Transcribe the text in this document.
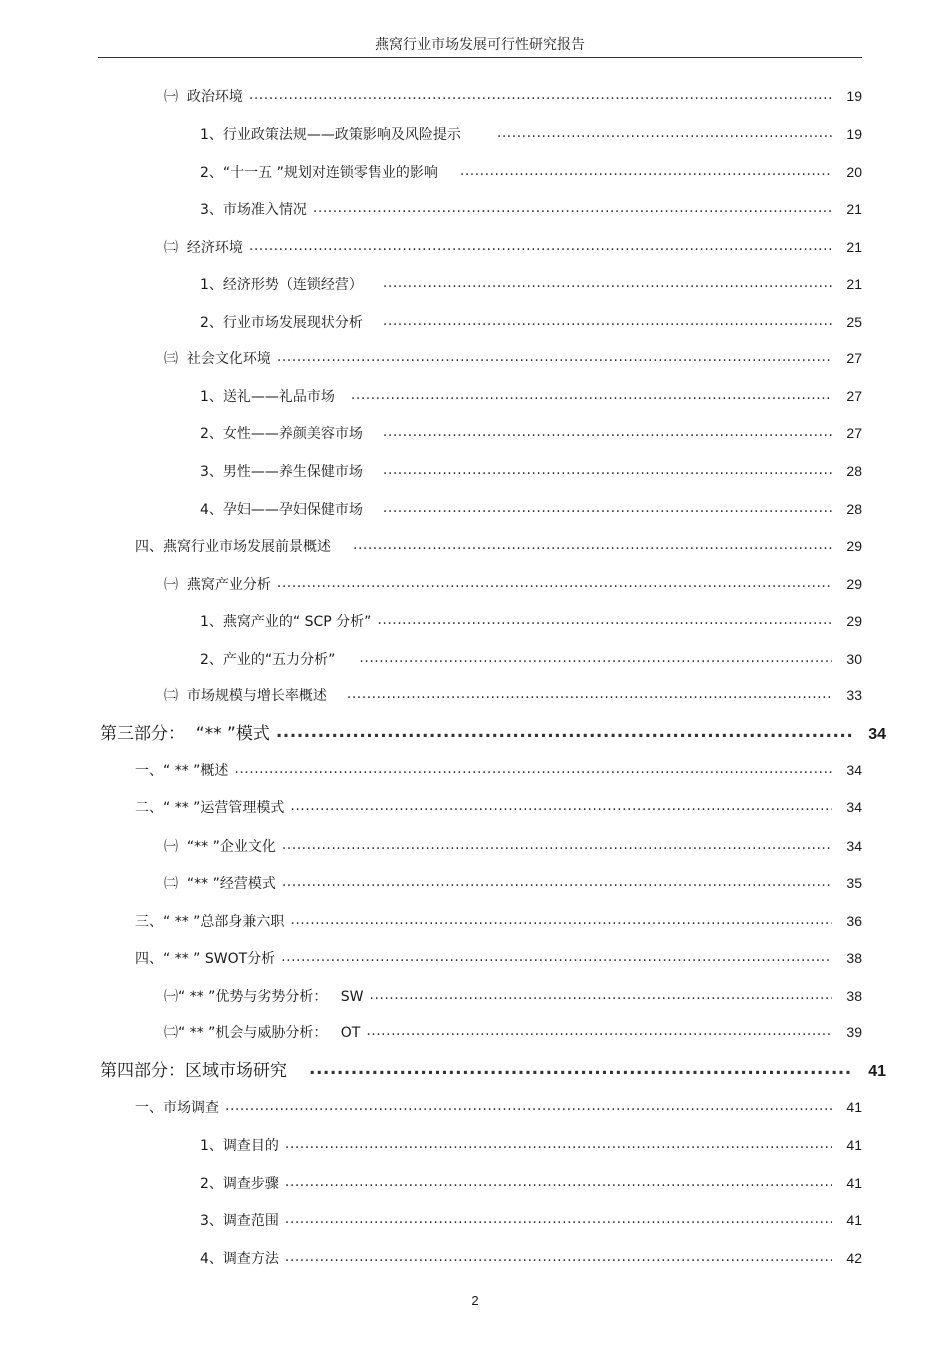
燕窝行业市场发展可行性研究报告
㈠  政治环境 .....	19
1、行业政策法规——政策影响及风险提示 .....	19
2、“十一五 ”规划对连锁零售业的影响 .....	20
3、市场准入情况 .....	21
㈡  经济环境 .....	21
1、经济形势（连锁经营） .....	21
2、行业市场发展现状分析 .....	25
㈢  社会文化环境 .....	27
1、送礼——礼品市场 .....	27
2、女性——养颜美容市场 .....	27
3、男性——养生保健市场 .....	28
4、孕妇——孕妇保健市场 .....	28
四、燕窝行业市场发展前景概述 .....	29
㈠  燕窝产业分析 .....	29
1、燕窝产业的“ SCP 分析” .....	29
2、产业的“五力分析” .....	30
㈡  市场规模与增长率概述 .....	33
第三部分：  “** ”模式 .....	34
一、“ ** ”概述 .....	34
二、“ ** ”运营管理模式 .....	34
㈠  “** ”企业文化 .....	34
㈡  “** ”经营模式 .....	35
三、“ ** ”总部身兼六职 .....	36
四、“ ** ” SWOT分析 .....	38
㈠“ ** ”优势与劣势分析：   SW .....	38
㈡“ ** ”机会与威胁分析：   OT .....	39
第四部分：区域市场研究 .....	41
一、市场调查 .....	41
1、调查目的 .....	41
2、调查步骤 .....	41
3、调查范围 .....	41
4、调查方法 .....	42
2
